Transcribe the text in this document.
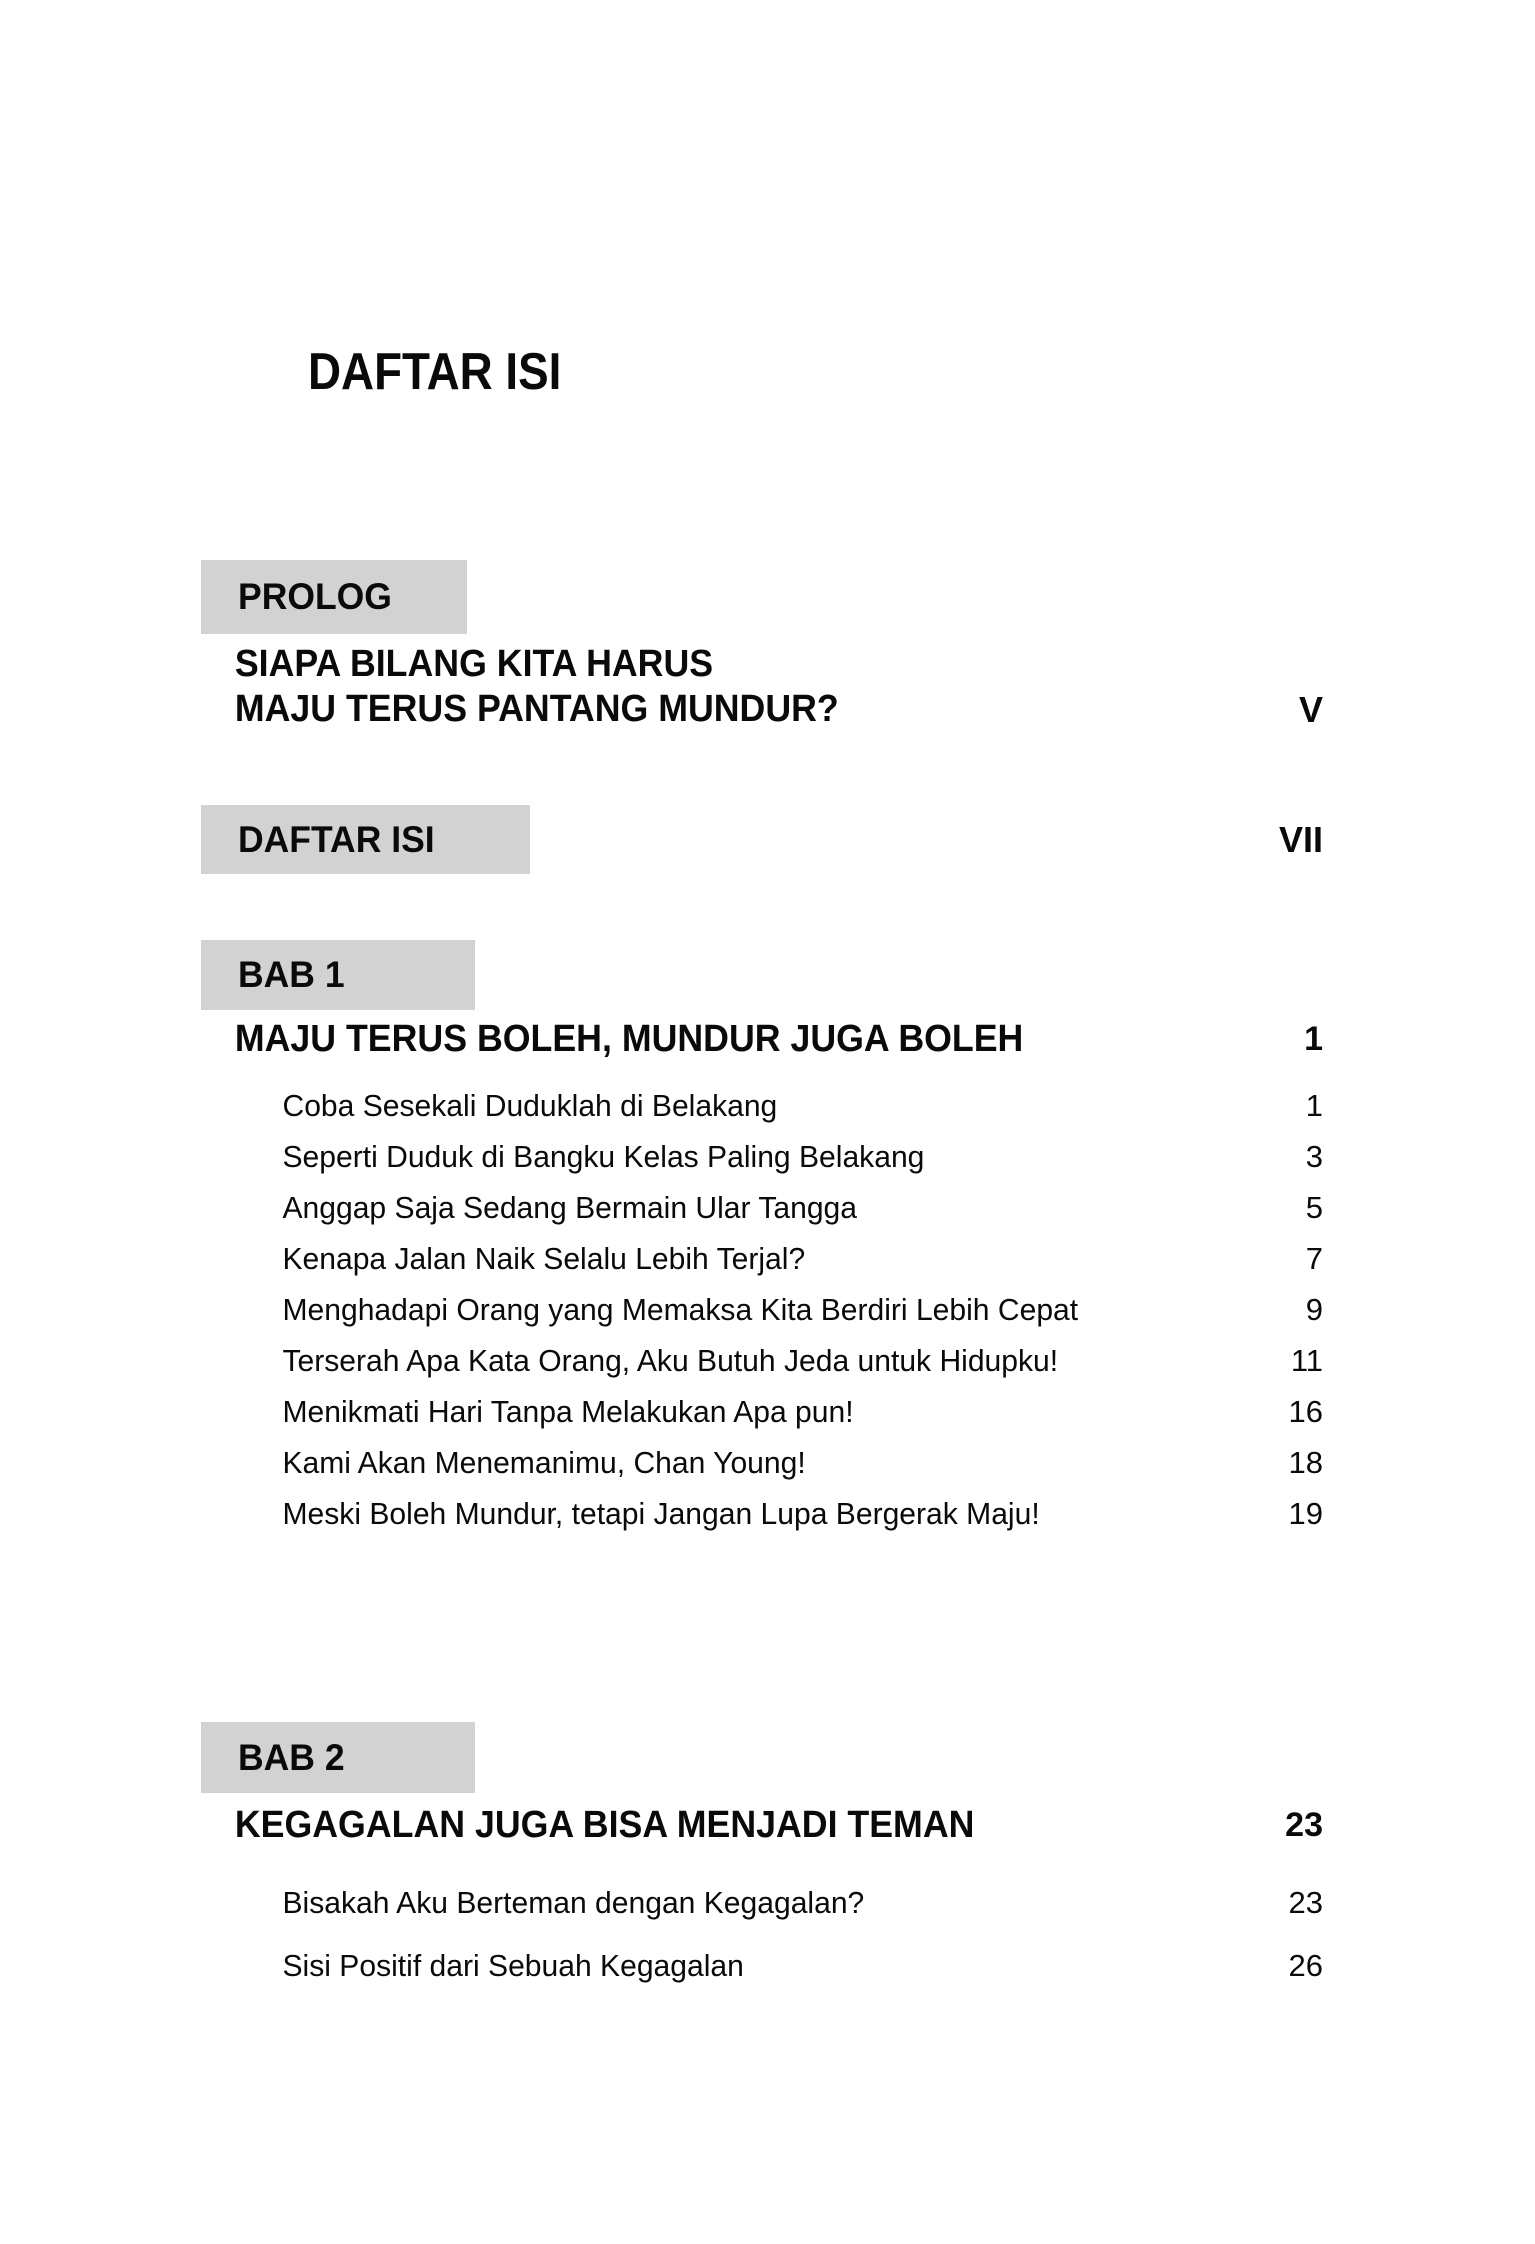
DAFTAR ISI
PROLOG
SIAPA BILANG KITA HARUS
MAJU TERUS PANTANG MUNDUR?	V
DAFTAR ISI	VII
BAB 1
MAJU TERUS BOLEH, MUNDUR JUGA BOLEH	1
Coba Sesekali Duduklah di Belakang	1
Seperti Duduk di Bangku Kelas Paling Belakang	3
Anggap Saja Sedang Bermain Ular Tangga	5
Kenapa Jalan Naik Selalu Lebih Terjal?	7
Menghadapi Orang yang Memaksa Kita Berdiri Lebih Cepat	9
Terserah Apa Kata Orang, Aku Butuh Jeda untuk Hidupku!	11
Menikmati Hari Tanpa Melakukan Apa pun!	16
Kami Akan Menemanimu, Chan Young!	18
Meski Boleh Mundur, tetapi Jangan Lupa Bergerak Maju!	19
BAB 2
KEGAGALAN JUGA BISA MENJADI TEMAN	23
Bisakah Aku Berteman dengan Kegagalan?	23
Sisi Positif dari Sebuah Kegagalan	26
